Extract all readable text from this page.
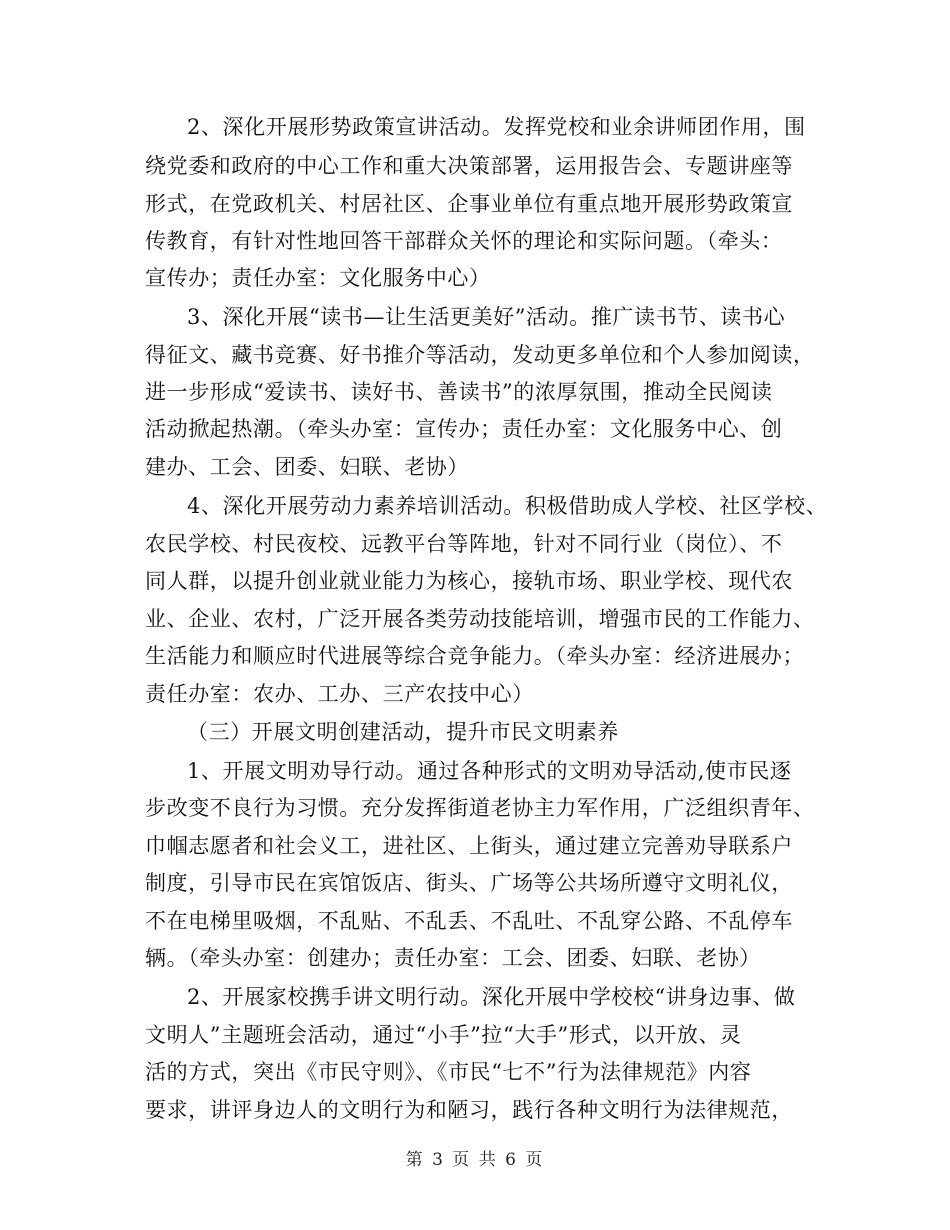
2、深化开展形势政策宣讲活动。发挥党校和业余讲师团作用，围
绕党委和政府的中心工作和重大决策部署，运用报告会、专题讲座等
形式，在党政机关、村居社区、企事业单位有重点地开展形势政策宣
传教育，有针对性地回答干部群众关怀的理论和实际问题。（牵头：
宣传办；责任办室：文化服务中心）
3、深化开展“读书—让生活更美好”活动。推广读书节、读书心
得征文、藏书竞赛、好书推介等活动，发动更多单位和个人参加阅读，
进一步形成“爱读书、读好书、善读书”的浓厚氛围，推动全民阅读
活动掀起热潮。（牵头办室：宣传办；责任办室：文化服务中心、创
建办、工会、团委、妇联、老协）
4、深化开展劳动力素养培训活动。积极借助成人学校、社区学校、
农民学校、村民夜校、远教平台等阵地，针对不同行业（岗位）、不
同人群，以提升创业就业能力为核心，接轨市场、职业学校、现代农
业、企业、农村，广泛开展各类劳动技能培训，增强市民的工作能力、
生活能力和顺应时代进展等综合竞争能力。（牵头办室：经济进展办；
责任办室：农办、工办、三产农技中心）
（三）开展文明创建活动，提升市民文明素养
1、开展文明劝导行动。通过各种形式的文明劝导活动,使市民逐
步改变不良行为习惯。充分发挥街道老协主力军作用，广泛组织青年、
巾帼志愿者和社会义工，进社区、上街头，通过建立完善劝导联系户
制度，引导市民在宾馆饭店、街头、广场等公共场所遵守文明礼仪，
不在电梯里吸烟，不乱贴、不乱丢、不乱吐、不乱穿公路、不乱停车
辆。（牵头办室：创建办；责任办室：工会、团委、妇联、老协）
2、开展家校携手讲文明行动。深化开展中学校校“讲身边事、做
文明人”主题班会活动，通过“小手”拉“大手”形式，以开放、灵
活的方式，突出《市民守则》、《市民“七不”行为法律规范》内容
要求，讲评身边人的文明行为和陋习，践行各种文明行为法律规范，
第 3 页 共 6 页
